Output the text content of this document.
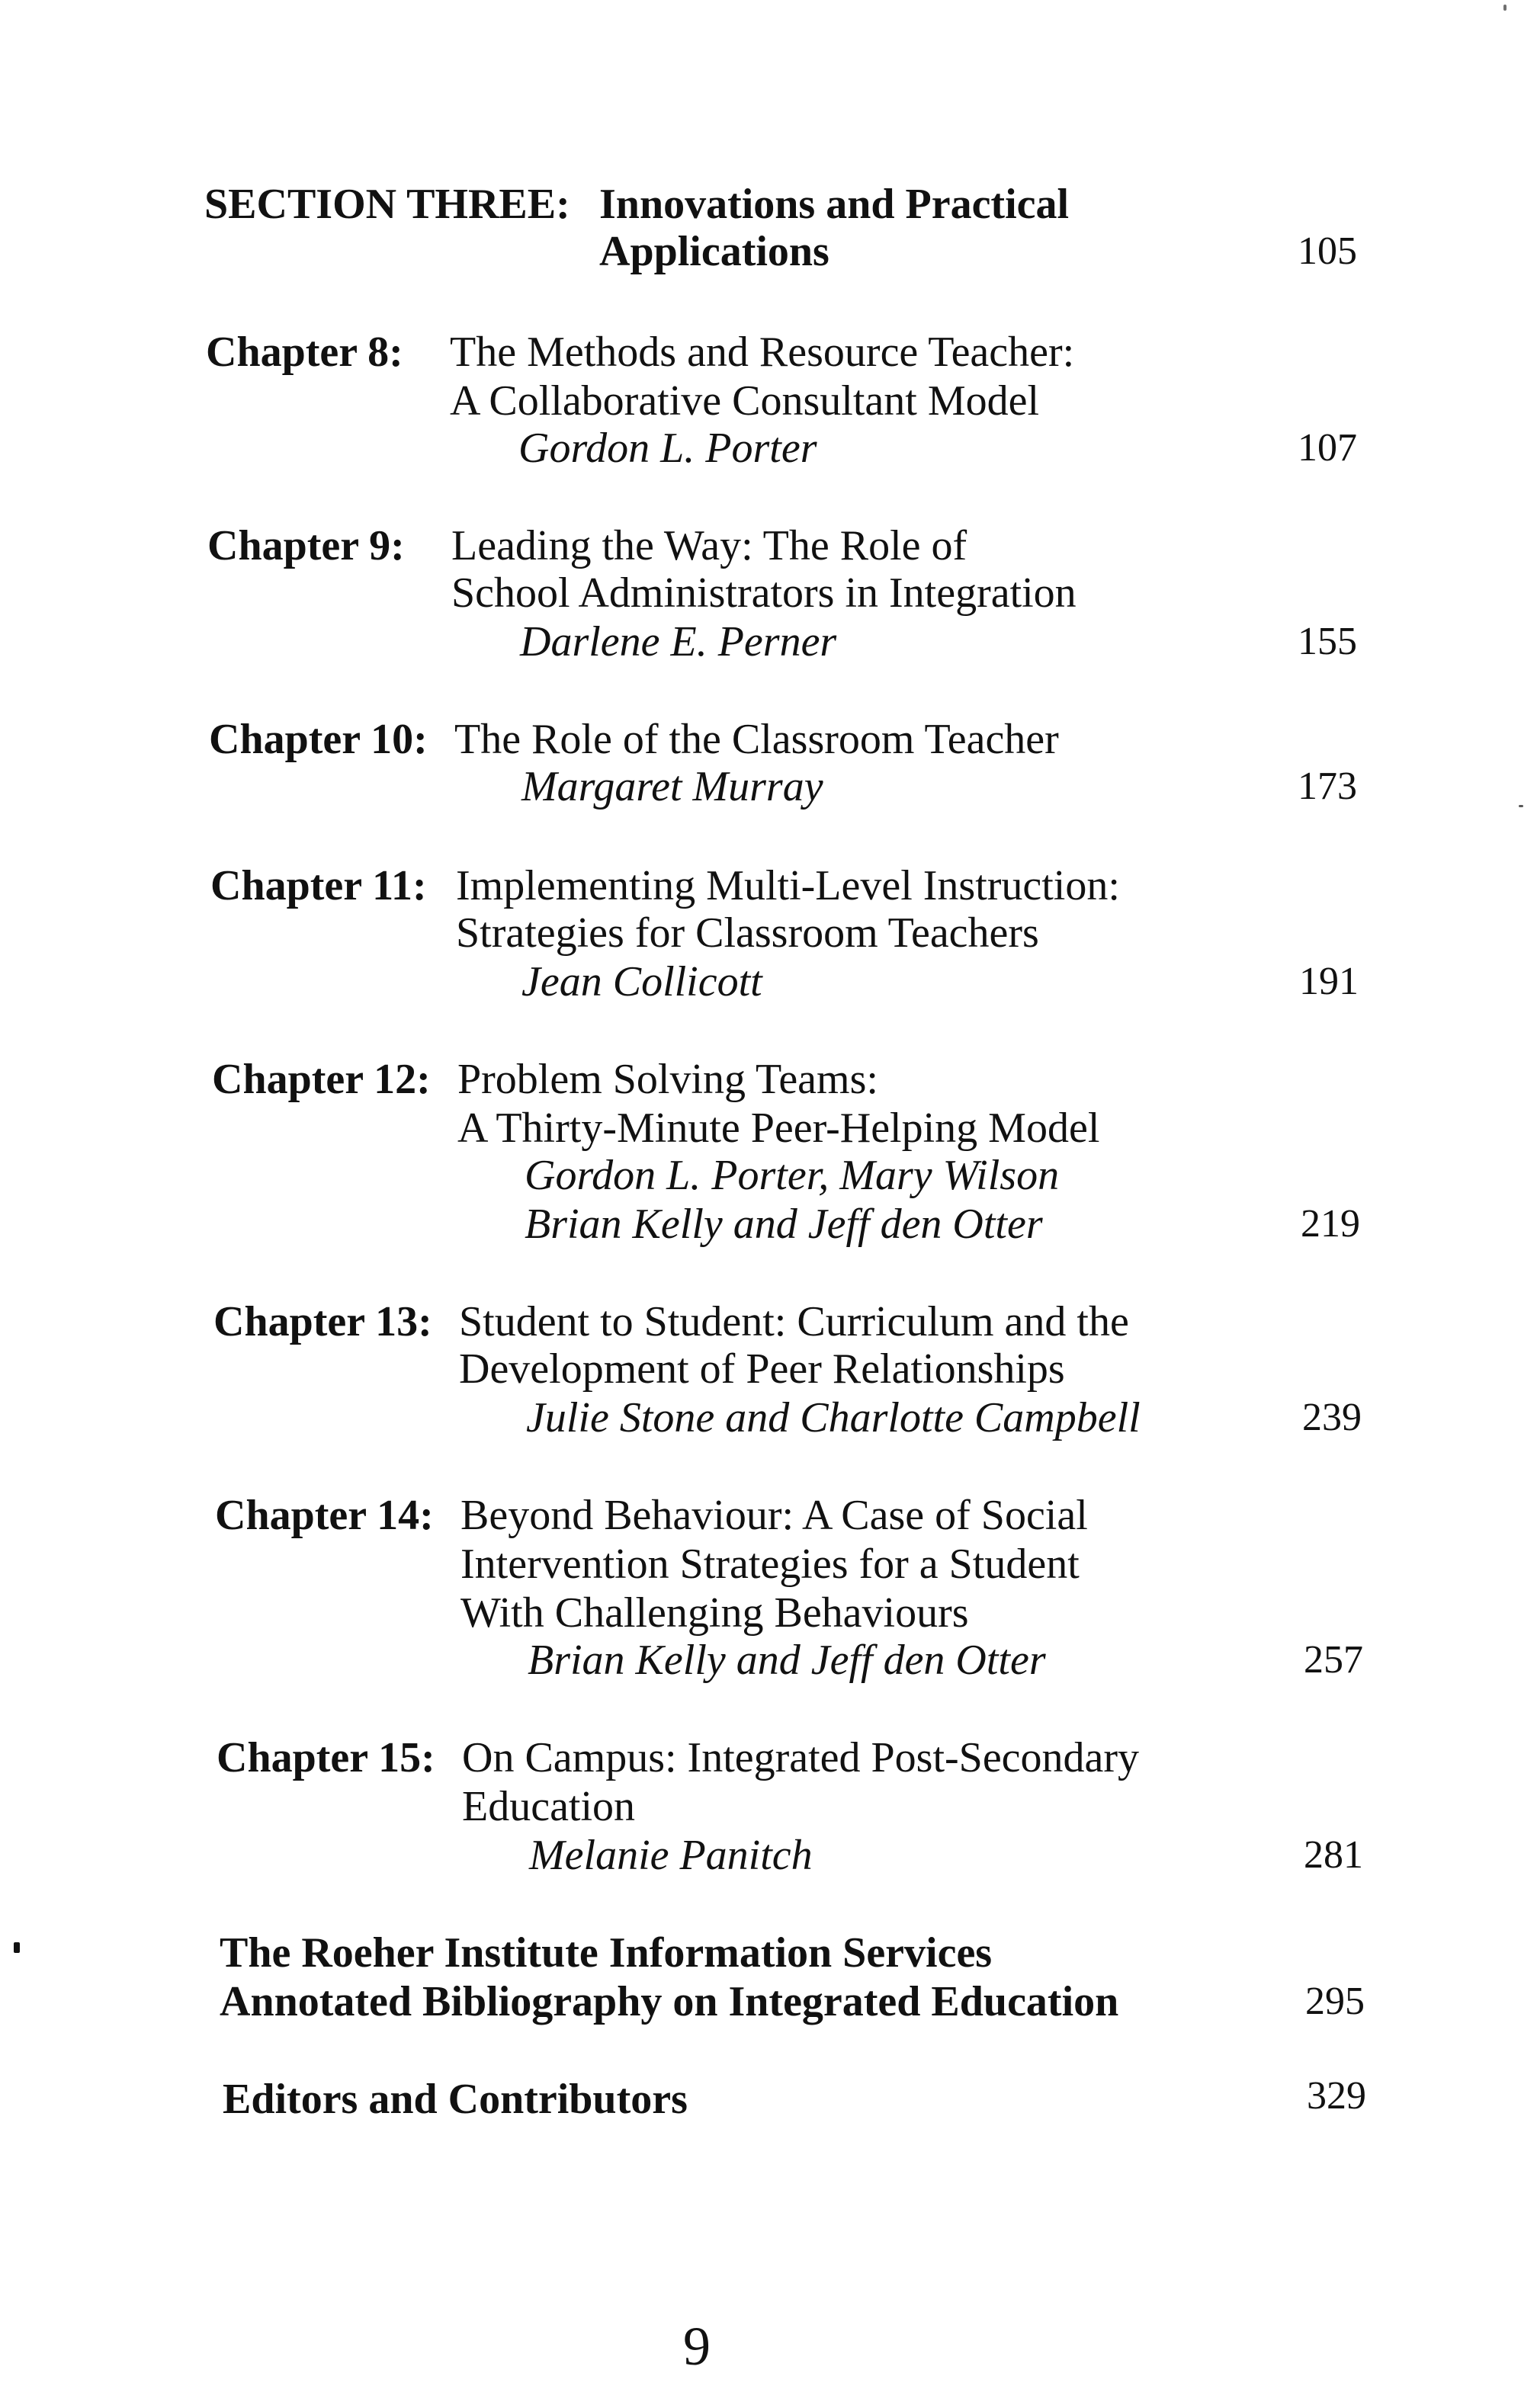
SECTION THREE: Innovations and Practical
Applications	105
Chapter 8: The Methods and Resource Teacher:
A Collaborative Consultant Model
Gordon L. Porter	107
Chapter 9: Leading the Way: The Role of
School Administrators in Integration
Darlene E. Perner	155
Chapter 10: The Role of the Classroom Teacher
Margaret Murray	173
Chapter 11: Implementing Multi-Level Instruction:
Strategies for Classroom Teachers
Jean Collicott	191
Chapter 12: Problem Solving Teams:
A Thirty-Minute Peer-Helping Model
Gordon L. Porter, Mary Wilson
Brian Kelly and Jeff den Otter	219
Chapter 13: Student to Student: Curriculum and the
Development of Peer Relationships
Julie Stone and Charlotte Campbell	239
Chapter 14: Beyond Behaviour: A Case of Social
Intervention Strategies for a Student
With Challenging Behaviours
Brian Kelly and Jeff den Otter	257
Chapter 15: On Campus: Integrated Post-Secondary
Education
Melanie Panitch	281
The Roeher Institute Information Services
Annotated Bibliography on Integrated Education	295
Editors and Contributors	329
9
